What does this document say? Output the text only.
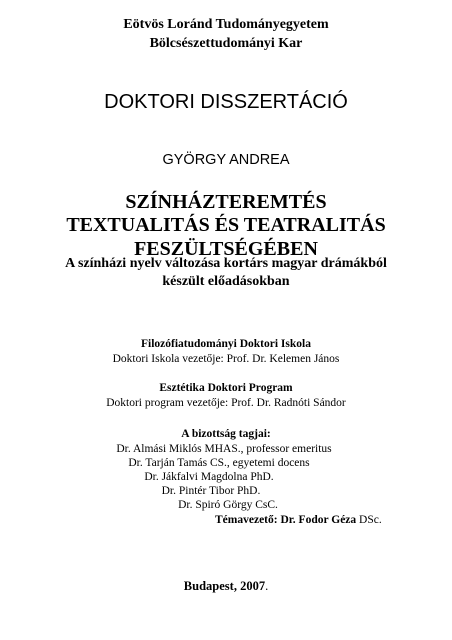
Eötvös Loránd Tudományegyetem
Bölcsészettudományi Kar
DOKTORI DISSZERTÁCIÓ
GYÖRGY ANDREA
SZÍNHÁZTEREMTÉS
TEXTUALITÁS ÉS TEATRALITÁS
FESZÜLTSÉGÉBEN
A színházi nyelv változása kortárs magyar drámákból
készült előadásokban
Filozófiatudományi Doktori Iskola
Doktori Iskola vezetője: Prof. Dr. Kelemen János
Esztétika Doktori Program
Doktori program vezetője: Prof. Dr. Radnóti Sándor
A bizottság tagjai:
Dr. Almási Miklós MHAS., professor emeritus
Dr. Tarján Tamás CS., egyetemi docens
Dr. Jákfalvi Magdolna PhD.
Dr. Pintér Tibor PhD.
Dr. Spiró Görgy CsC.
Témavezető: Dr. Fodor Géza DSc.
Budapest, 2007.
